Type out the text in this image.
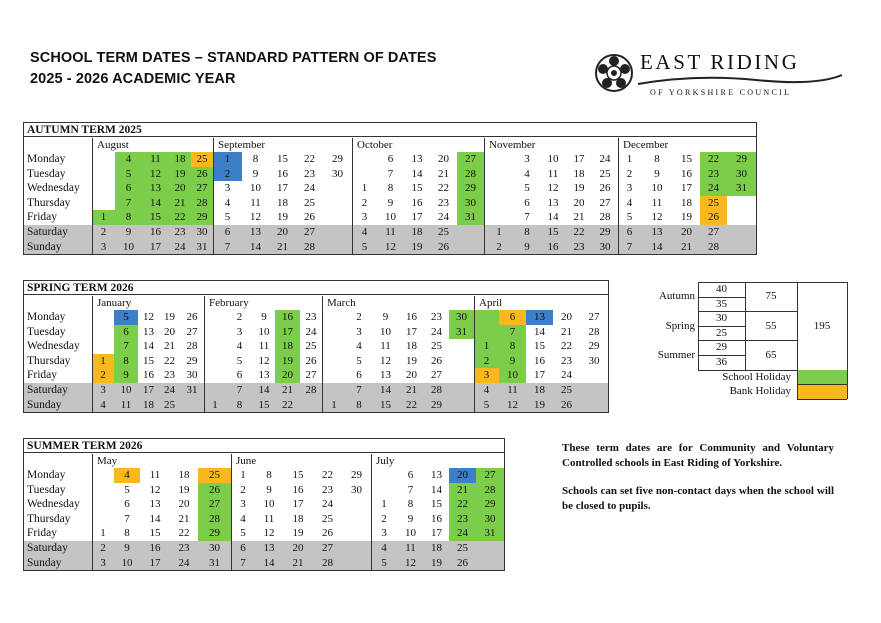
SCHOOL TERM DATES – STANDARD PATTERN OF DATES
2025 - 2026 ACADEMIC YEAR
EAST RIDING
OF YORKSHIRE COUNCIL
AUTUMN TERM 2025
Monday
Tuesday
Wednesday
Thursday
Friday
Saturday
Sunday
August
1
2
3
4
5
6
7
8
9
10
11
12
13
14
15
16
17
18
19
20
21
22
23
24
25
26
27
28
29
30
31
September
1
2
3
4
5
6
7
8
9
10
11
12
13
14
15
16
17
18
19
20
21
22
23
24
25
26
27
28
29
30
October
1
2
3
4
5
6
7
8
9
10
11
12
13
14
15
16
17
18
19
20
21
22
23
24
25
26
27
28
29
30
31
November
1
2
3
4
5
6
7
8
9
10
11
12
13
14
15
16
17
18
19
20
21
22
23
24
25
26
27
28
29
30
December
1
2
3
4
5
6
7
8
9
10
11
12
13
14
15
16
17
18
19
20
21
22
23
24
25
26
27
28
29
30
31
SPRING TERM 2026
Monday
Tuesday
Wednesday
Thursday
Friday
Saturday
Sunday
January
1
2
3
4
5
6
7
8
9
10
11
12
13
14
15
16
17
18
19
20
21
22
23
24
25
26
27
28
29
30
31
February
1
2
3
4
5
6
7
8
9
10
11
12
13
14
15
16
17
18
19
20
21
22
23
24
25
26
27
28
March
1
2
3
4
5
6
7
8
9
10
11
12
13
14
15
16
17
18
19
20
21
22
23
24
25
26
27
28
29
30
31
April
1
2
3
4
5
6
7
8
9
10
11
12
13
14
15
16
17
18
19
20
21
22
23
24
25
26
27
28
29
30
SUMMER TERM 2026
Monday
Tuesday
Wednesday
Thursday
Friday
Saturday
Sunday
May
1
2
3
4
5
6
7
8
9
10
11
12
13
14
15
16
17
18
19
20
21
22
23
24
25
26
27
28
29
30
31
June
1
2
3
4
5
6
7
8
9
10
11
12
13
14
15
16
17
18
19
20
21
22
23
24
25
26
27
28
29
30
July
1
2
3
4
5
6
7
8
9
10
11
12
13
14
15
16
17
18
19
20
21
22
23
24
25
26
27
28
29
30
31
Autumn
40
35
75
Spring
30
25
55
Summer
29
36
65
195
School Holiday
Bank Holiday

These term dates are for Community and Voluntary Controlled schools in East Riding of Yorkshire.

Schools can set five non-contact days when the school will be closed to pupils.
